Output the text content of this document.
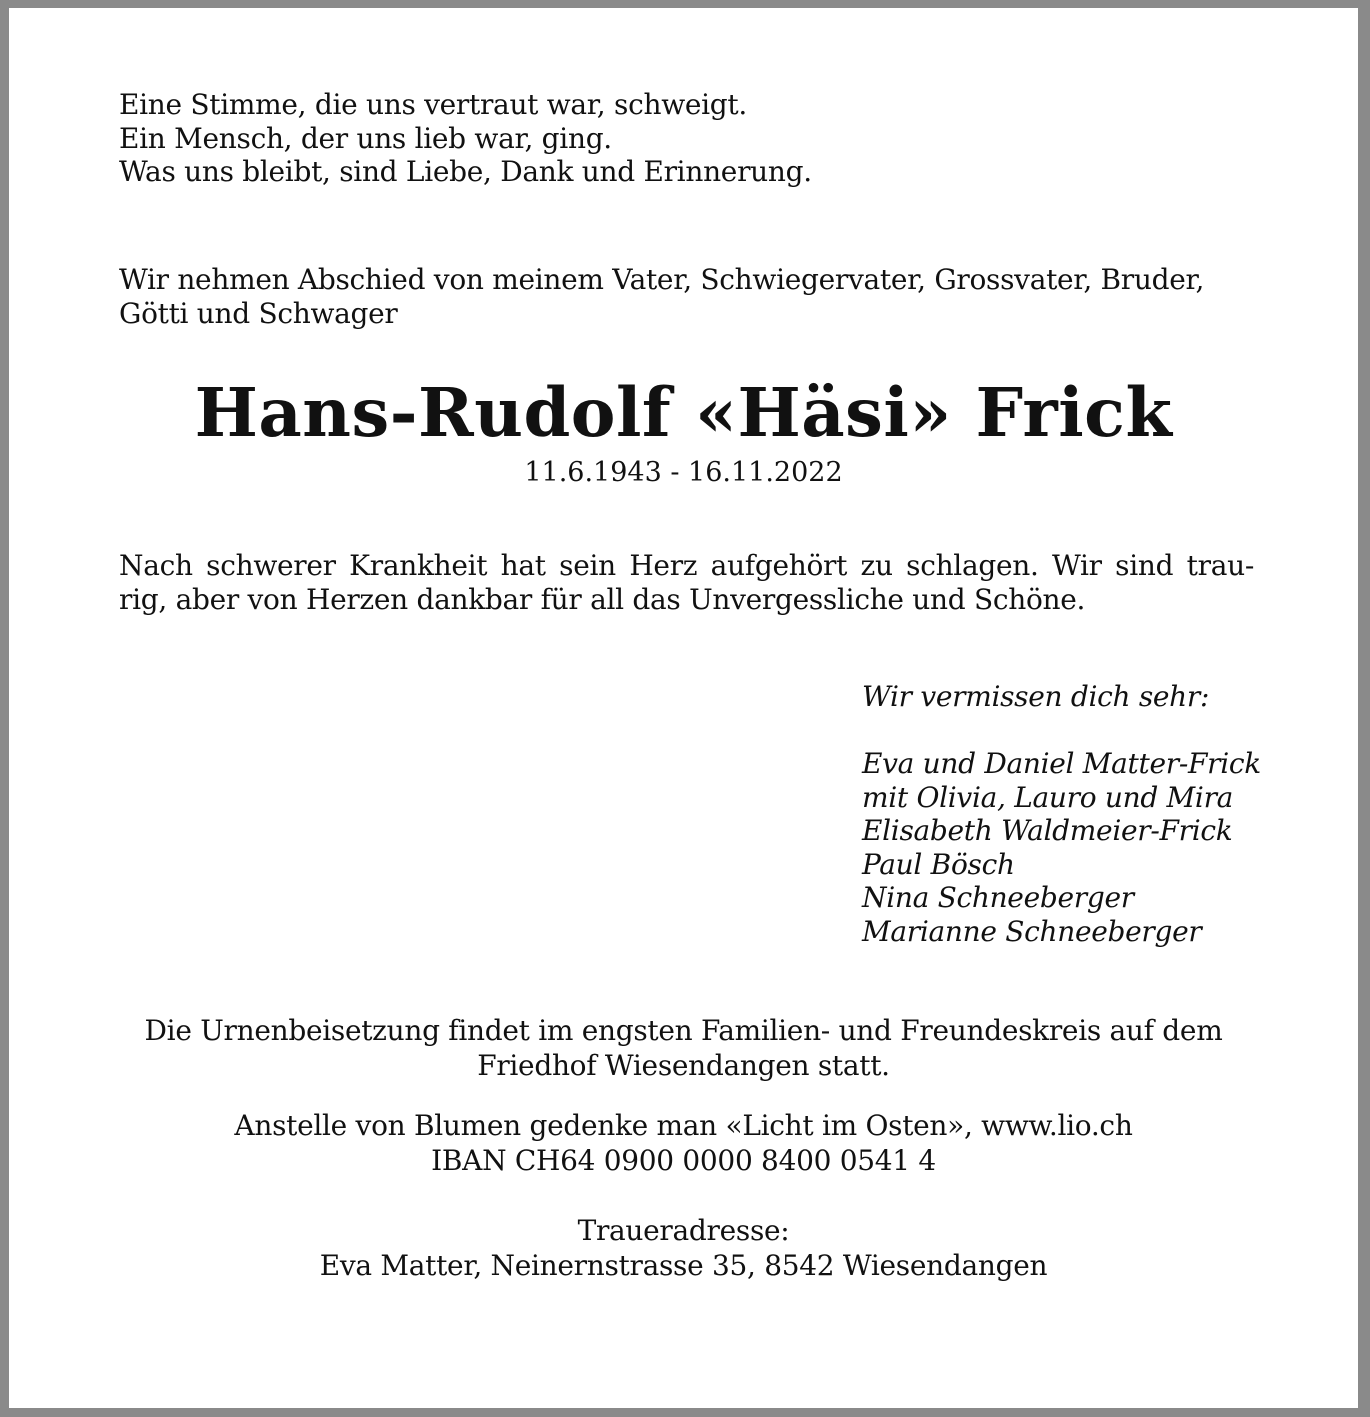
Eine Stimme, die uns vertraut war, schweigt.
Ein Mensch, der uns lieb war, ging.
Was uns bleibt, sind Liebe, Dank und Erinnerung.
Wir nehmen Abschied von meinem Vater, Schwiegervater, Grossvater, Bruder,
Götti und Schwager
Hans-Rudolf «Häsi» Frick
11.6.1943 - 16.11.2022
Nach schwerer Krankheit hat sein Herz aufgehört zu schlagen. Wir sind trau-
rig, aber von Herzen dankbar für all das Unvergessliche und Schöne.
Wir vermissen dich sehr:
Eva und Daniel Matter-Frick
mit Olivia, Lauro und Mira
Elisabeth Waldmeier-Frick
Paul Bösch
Nina Schneeberger
Marianne Schneeberger
Die Urnenbeisetzung findet im engsten Familien- und Freundeskreis auf dem
Friedhof Wiesendangen statt.
Anstelle von Blumen gedenke man «Licht im Osten», www.lio.ch
IBAN CH64 0900 0000 8400 0541 4
Traueradresse:
Eva Matter, Neinernstrasse 35, 8542 Wiesendangen
